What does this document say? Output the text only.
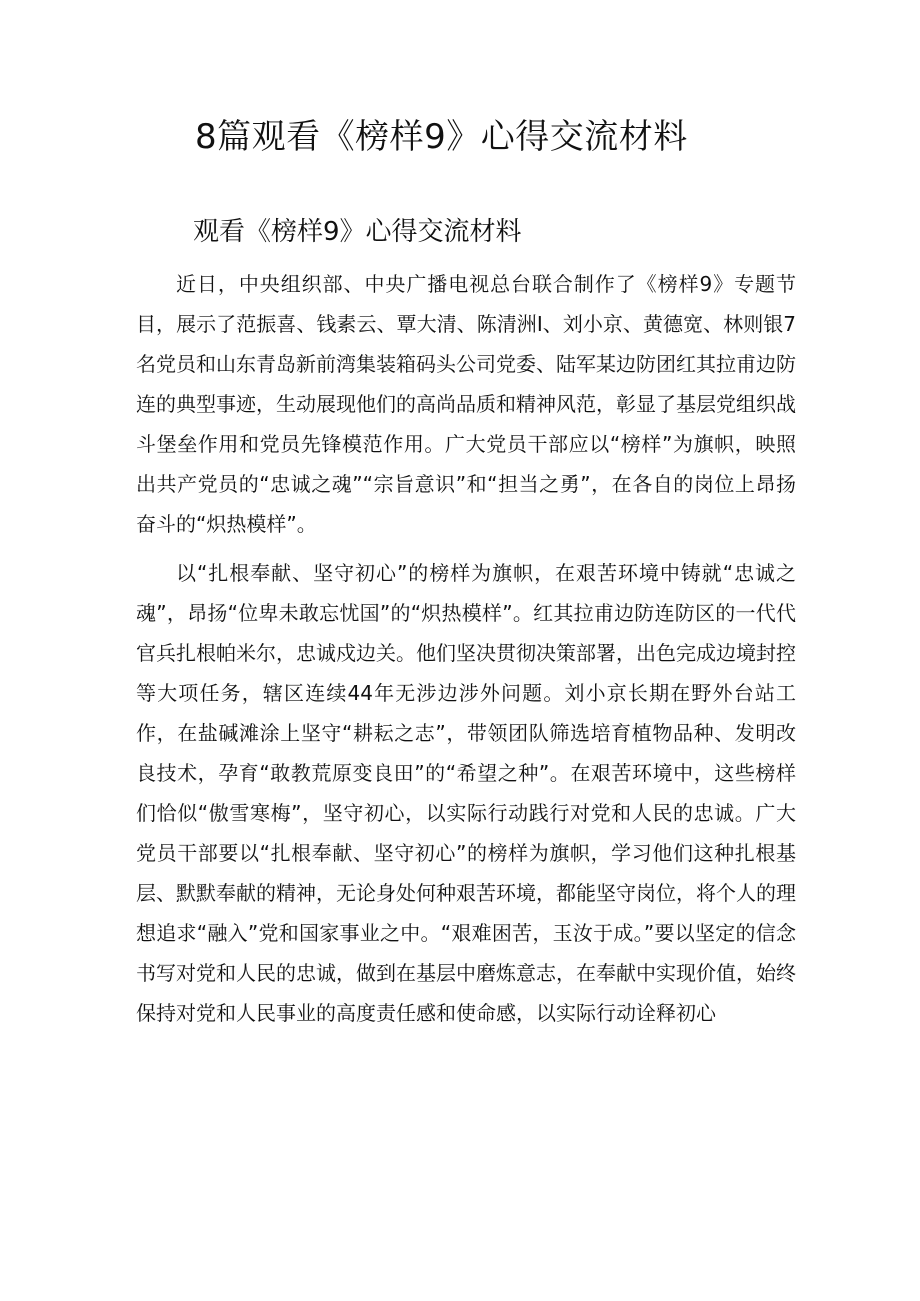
8篇观看《榜样9》心得交流材料
观看《榜样9》心得交流材料

近日，中央组织部、中央广播电视总台联合制作了《榜样9》专题节目，展示了范振喜、钱素云、覃大清、陈清洲I、刘小京、黄德宽、林则银7名党员和山东青岛新前湾集装箱码头公司党委、陆军某边防团红其拉甫边防连的典型事迹，生动展现他们的高尚品质和精神风范，彰显了基层党组织战斗堡垒作用和党员先锋模范作用。广大党员干部应以“榜样”为旗帜，映照出共产党员的“忠诚之魂”“宗旨意识”和“担当之勇”，在各自的岗位上昂扬奋斗的“炽热模样”。

以“扎根奉献、坚守初心”的榜样为旗帜，在艰苦环境中铸就“忠诚之魂”，昂扬“位卑未敢忘忧国”的“炽热模样”。红其拉甫边防连防区的一代代官兵扎根帕米尔，忠诚戍边关。他们坚决贯彻决策部署，出色完成边境封控等大项任务，辖区连续44年无涉边涉外问题。刘小京长期在野外台站工作，在盐碱滩涂上坚守“耕耘之志”，带领团队筛选培育植物品种、发明改良技术，孕育“敢教荒原变良田”的“希望之种”。在艰苦环境中，这些榜样们恰似“傲雪寒梅”，坚守初心，以实际行动践行对党和人民的忠诚。广大党员干部要以“扎根奉献、坚守初心”的榜样为旗帜，学习他们这种扎根基层、默默奉献的精神，无论身处何种艰苦环境，都能坚守岗位，将个人的理想追求“融入”党和国家事业之中。“艰难困苦，玉汝于成。”要以坚定的信念书写对党和人民的忠诚，做到在基层中磨炼意志，在奉献中实现价值，始终保持对党和人民事业的高度责任感和使命感，以实际行动诠释初心
